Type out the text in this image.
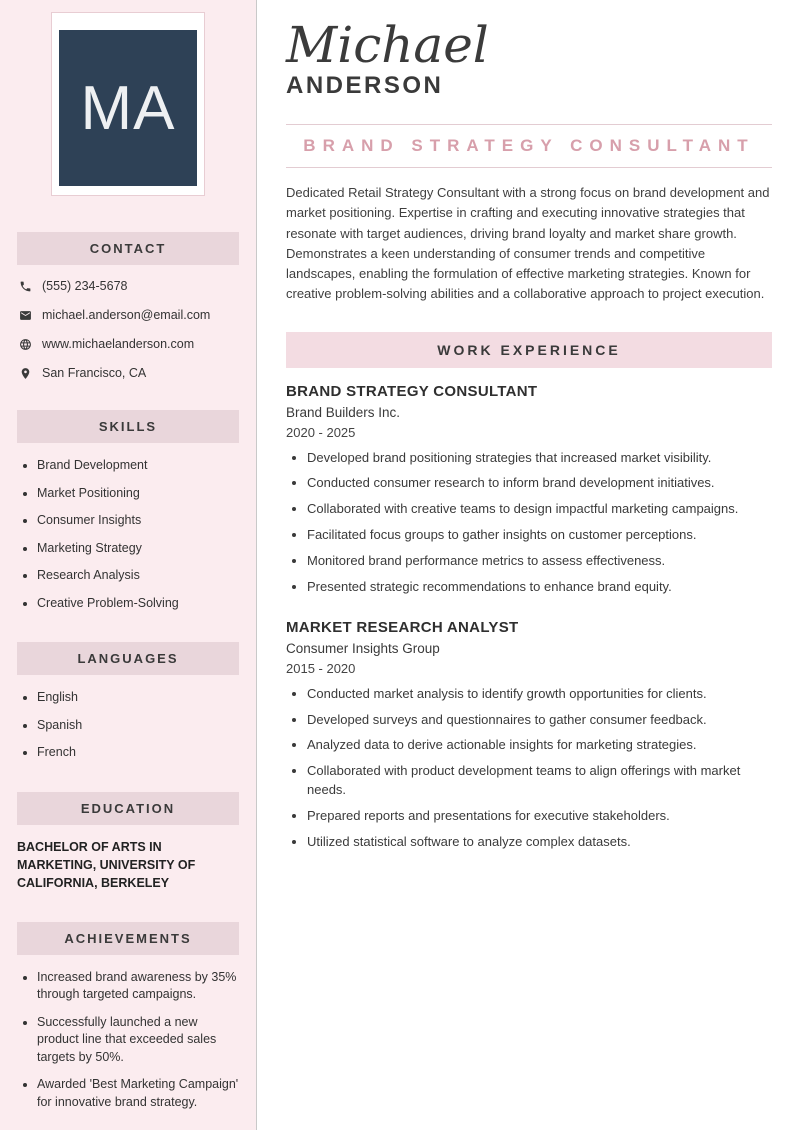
MA
CONTACT
(555) 234-5678
michael.anderson@email.com
www.michaelanderson.com
San Francisco, CA
SKILLS
• Brand Development
• Market Positioning
• Consumer Insights
• Marketing Strategy
• Research Analysis
• Creative Problem-Solving
LANGUAGES
• English
• Spanish
• French
EDUCATION

BACHELOR OF ARTS IN MARKETING, UNIVERSITY OF CALIFORNIA, BERKELEY

ACHIEVEMENTS
• Increased brand awareness by 35% through targeted campaigns.
• Successfully launched a new product line that exceeded sales targets by 50%.
• Awarded 'Best Marketing Campaign' for innovative brand strategy.
Michael
ANDERSON
BRAND STRATEGY CONSULTANT

Dedicated Retail Strategy Consultant with a strong focus on brand development and market positioning. Expertise in crafting and executing innovative strategies that resonate with target audiences, driving brand loyalty and market share growth. Demonstrates a keen understanding of consumer trends and competitive landscapes, enabling the formulation of effective marketing strategies. Known for creative problem-solving abilities and a collaborative approach to project execution.

WORK EXPERIENCE
BRAND STRATEGY CONSULTANT

Brand Builders Inc.

2020 - 2025

• Developed brand positioning strategies that increased market visibility.
• Conducted consumer research to inform brand development initiatives.
• Collaborated with creative teams to design impactful marketing campaigns.
• Facilitated focus groups to gather insights on customer perceptions.
• Monitored brand performance metrics to assess effectiveness.
• Presented strategic recommendations to enhance brand equity.
MARKET RESEARCH ANALYST

Consumer Insights Group

2015 - 2020

• Conducted market analysis to identify growth opportunities for clients.
• Developed surveys and questionnaires to gather consumer feedback.
• Analyzed data to derive actionable insights for marketing strategies.
• Collaborated with product development teams to align offerings with market needs.
• Prepared reports and presentations for executive stakeholders.
• Utilized statistical software to analyze complex datasets.
